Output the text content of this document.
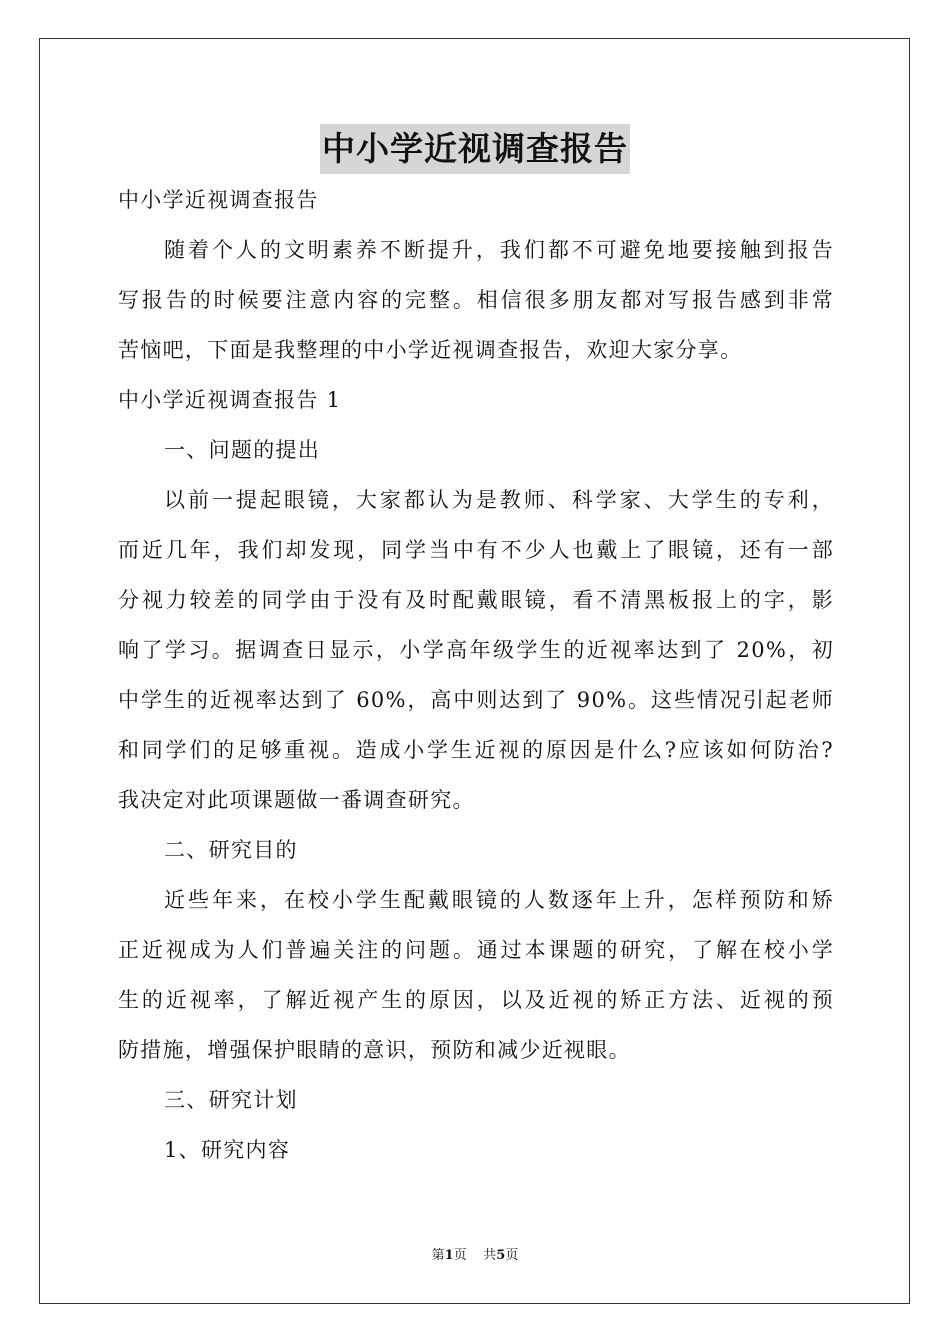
中小学近视调查报告
中小学近视调查报告
随着个人的文明素养不断提升，我们都不可避免地要接触到报告
写报告的时候要注意内容的完整。相信很多朋友都对写报告感到非常
苦恼吧，下面是我整理的中小学近视调查报告，欢迎大家分享。
中小学近视调查报告 1
一、问题的提出
以前一提起眼镜，大家都认为是教师、科学家、大学生的专利，
而近几年，我们却发现，同学当中有不少人也戴上了眼镜，还有一部
分视力较差的同学由于没有及时配戴眼镜，看不清黑板报上的字，影
响了学习。据调查日显示，小学高年级学生的近视率达到了 20%，初
中学生的近视率达到了 60%，高中则达到了 90%。这些情况引起老师
和同学们的足够重视。造成小学生近视的原因是什么?应该如何防治?
我决定对此项课题做一番调查研究。
二、研究目的
近些年来，在校小学生配戴眼镜的人数逐年上升，怎样预防和矫
正近视成为人们普遍关注的问题。通过本课题的研究，了解在校小学
生的近视率，了解近视产生的原因，以及近视的矫正方法、近视的预
防措施，增强保护眼睛的意识，预防和减少近视眼。
三、研究计划
1、研究内容
第1页 共5页
